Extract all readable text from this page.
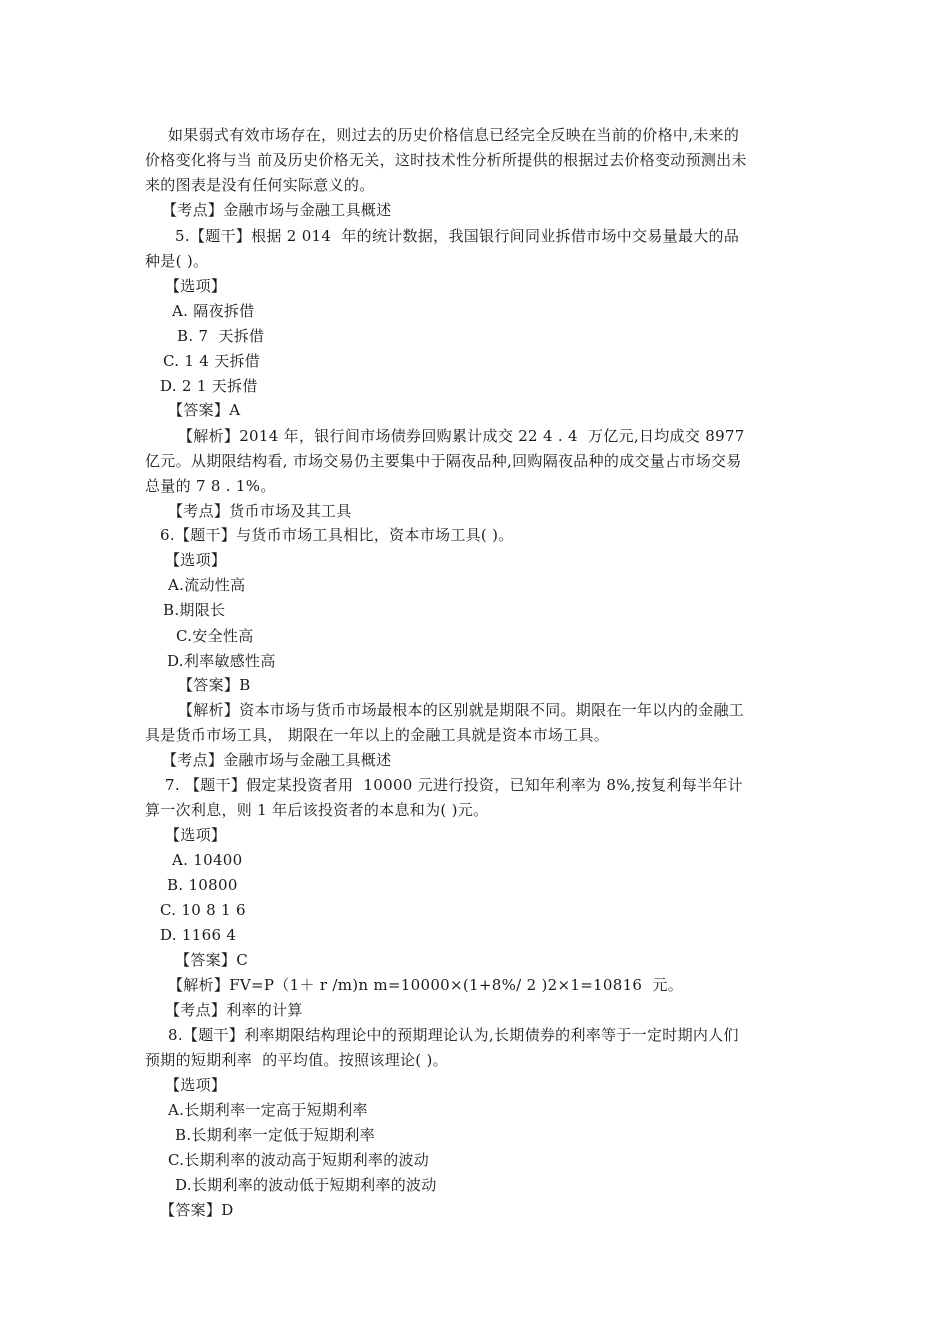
如果弱式有效市场存在，则过去的历史价格信息已经完全反映在当前的价格中,未来的
价格变化将与当 前及历史价格无关，这时技术性分析所提供的根据过去价格变动预测出未
来的图表是没有任何实际意义的。
【考点】金融市场与金融工具概述
5.【题干】根据 2 014  年的统计数据，我国银行间同业拆借市场中交易量最大的品
种是( )。
【选项】
A. 隔夜拆借
B. 7  天拆借
C. 1 4 天拆借
D. 2 1 天拆借
【答案】A
【解析】2014 年，银行间市场债券回购累计成交 22 4 . 4  万亿元,日均成交 8977
亿元。从期限结构看, 市场交易仍主要集中于隔夜品种,回购隔夜品种的成交量占市场交易
总量的 7 8 . 1%。
【考点】货币市场及其工具
6.【题干】与货币市场工具相比，资本市场工具( )。
【选项】
A.流动性高
B.期限长
C.安全性高
D.利率敏感性高
【答案】B
【解析】资本市场与货币市场最根本的区别就是期限不同。期限在一年以内的金融工
具是货币市场工具， 期限在一年以上的金融工具就是资本市场工具。
【考点】金融市场与金融工具概述
7. 【题干】假定某投资者用  10000 元进行投资，已知年利率为 8%,按复利每半年计
算一次利息，则 1 年后该投资者的本息和为( )元。
【选项】
A. 10400
B. 10800
C. 10 8 1 6
D. 1166 4
【答案】C
【解析】FV=P（1＋ r /m)n m=10000×(1+8%/ 2 )2×1=10816  元。
【考点】利率的计算
8.【题干】利率期限结构理论中的预期理论认为,长期债券的利率等于一定时期内人们
预期的短期利率  的平均值。按照该理论( )。
【选项】
A.长期利率一定高于短期利率
B.长期利率一定低于短期利率
C.长期利率的波动高于短期利率的波动
D.长期利率的波动低于短期利率的波动
【答案】D
